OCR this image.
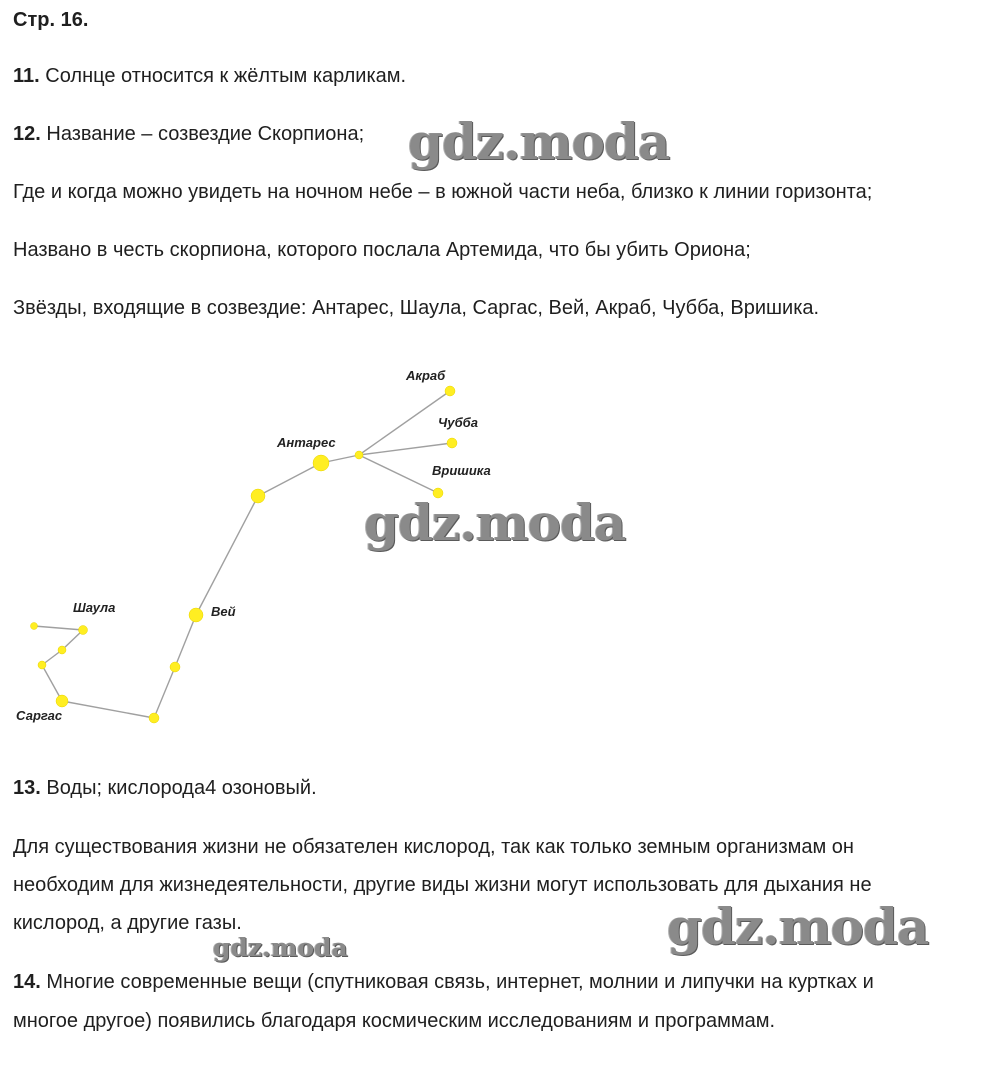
Стр. 16.

11. Солнце относится к жёлтым карликам.

12. Название – созвездие Скорпиона;

Где и когда можно увидеть на ночном небе – в южной части неба, близко к линии горизонта;

Названо в честь скорпиона, которого послала Артемида, что бы убить Ориона;

Звёзды, входящие в созвездие: Антарес, Шаула, Саргас, Вей, Акраб, Чубба, Вришика.

Акраб
Чубба
Антарес
Вришика
Вей
Шаула
Саргас

13. Воды; кислорода4 озоновый.

Для существования жизни не обязателен кислород, так как только земным организмам он

необходим для жизнедеятельности, другие виды жизни могут использовать для дыхания не

кислород, а другие газы.

14. Многие современные вещи (спутниковая связь, интернет, молнии и липучки на куртках и

многое другое) появились благодаря космическим исследованиям и программам.

gdz.moda
gdz.moda
gdz.moda
gdz.moda
